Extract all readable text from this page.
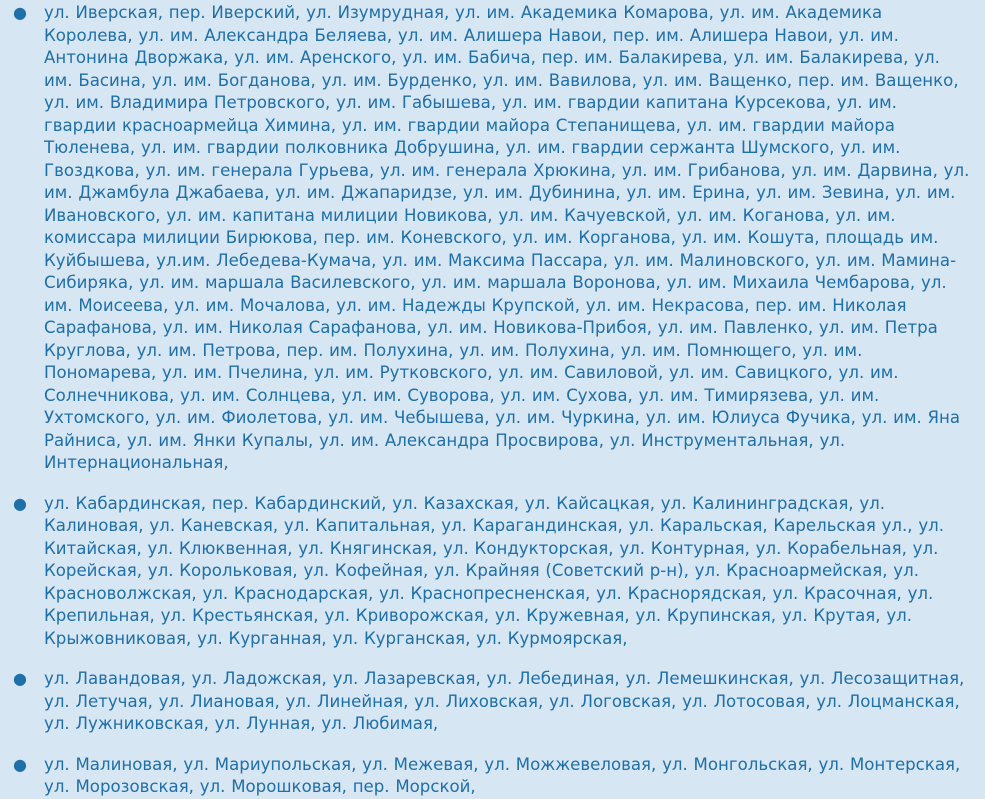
● ул. Иверская, пер. Иверский, ул. Изумрудная, ул. им. Академика Комарова, ул. им. Академика Королева, ул. им. Александра Беляева, ул. им. Алишера Навои, пер. им. Алишера Навои, ул. им. Антонина Дворжака, ул. им. Аренского, ул. им. Бабича, пер. им. Балакирева, ул. им. Балакирева, ул. им. Басина, ул. им. Богданова, ул. им. Бурденко, ул. им. Вавилова, ул. им. Ващенко, пер. им. Ващенко, ул. им. Владимира Петровского, ул. им. Габышева, ул. им. гвардии капитана Курсекова, ул. им. гвардии красноармейца Химина, ул. им. гвардии майора Степанищева, ул. им. гвардии майора Тюленева, ул. им. гвардии полковника Добрушина, ул. им. гвардии сержанта Шумского, ул. им. Гвоздкова, ул. им. генерала Гурьева, ул. им. генерала Хрюкина, ул. им. Грибанова, ул. им. Дарвина, ул. им. Джамбула Джабаева, ул. им. Джапаридзе, ул. им. Дубинина, ул. им. Ерина, ул. им. Зевина, ул. им. Ивановского, ул. им. капитана милиции Новикова, ул. им. Качуевской, ул. им. Коганова, ул. им. комиссара милиции Бирюкова, пер. им. Коневского, ул. им. Корганова, ул. им. Кошута, площадь им. Куйбышева, ул.им. Лебедева-Кумача, ул. им. Максима Пассара, ул. им. Малиновского, ул. им. Мамина-Сибиряка, ул. им. маршала Василевского, ул. им. маршала Воронова, ул. им. Михаила Чембарова, ул. им. Моисеева, ул. им. Мочалова, ул. им. Надежды Крупской, ул. им. Некрасова, пер. им. Николая Сарафанова, ул. им. Николая Сарафанова, ул. им. Новикова-Прибоя, ул. им. Павленко, ул. им. Петра Круглова, ул. им. Петрова, пер. им. Полухина, ул. им. Полухина, ул. им. Помнющего, ул. им. Пономарева, ул. им. Пчелина, ул. им. Рутковского, ул. им. Савиловой, ул. им. Савицкого, ул. им. Солнечникова, ул. им. Солнцева, ул. им. Суворова, ул. им. Сухова, ул. им. Тимирязева, ул. им. Ухтомского, ул. им. Фиолетова, ул. им. Чебышева, ул. им. Чуркина, ул. им. Юлиуса Фучика, ул. им. Яна Райниса, ул. им. Янки Купалы, ул. им. Александра Просвирова, ул. Инструментальная, ул. Интернациональная,
● ул. Кабардинская, пер. Кабардинский, ул. Казахская, ул. Кайсацкая, ул. Калининградская, ул. Калиновая, ул. Каневская, ул. Капитальная, ул. Карагандинская, ул. Каральская, Карельская ул., ул. Китайская, ул. Клюквенная, ул. Княгинская, ул. Кондукторская, ул. Контурная, ул. Корабельная, ул. Корейская, ул. Корольковая, ул. Кофейная, ул. Крайняя (Советский р-н), ул. Красноармейская, ул. Красноволжская, ул. Краснодарская, ул. Краснопресненская, ул. Краснорядская, ул. Красочная, ул. Крепильная, ул. Крестьянская, ул. Криворожская, ул. Кружевная, ул. Крупинская, ул. Крутая, ул. Крыжовниковая, ул. Курганная, ул. Курганская, ул. Курмоярская,
● ул. Лавандовая, ул. Ладожская, ул. Лазаревская, ул. Лебединая, ул. Лемешкинская, ул. Лесозащитная, ул. Летучая, ул. Лиановая, ул. Линейная, ул. Лиховская, ул. Логовская, ул. Лотосовая, ул. Лоцманская, ул. Лужниковская, ул. Лунная, ул. Любимая,
● ул. Малиновая, ул. Мариупольская, ул. Межевая, ул. Можжевеловая, ул. Монгольская, ул. Монтерская, ул. Морозовская, ул. Морошковая, пер. Морской,
